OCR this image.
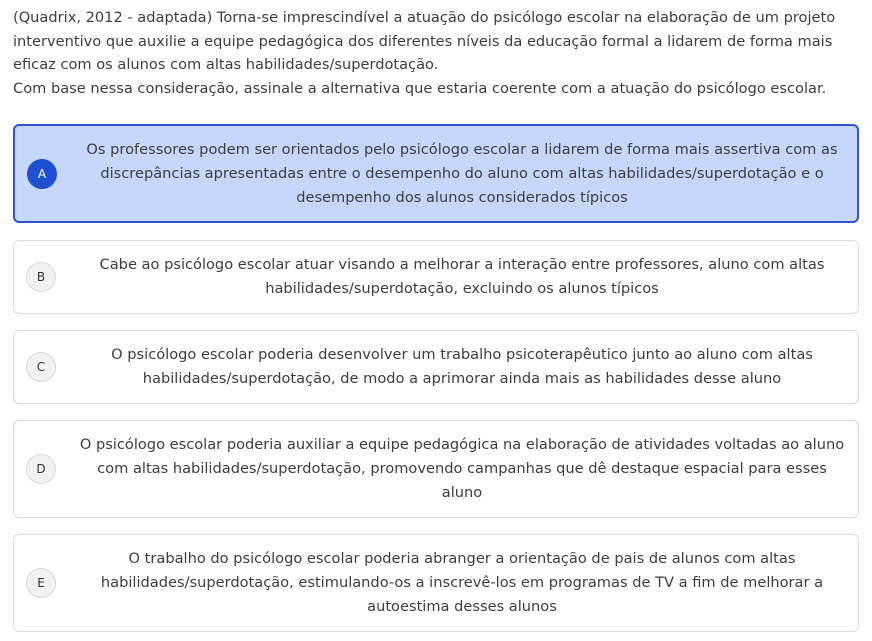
(Quadrix, 2012 - adaptada) Torna-se imprescindível a atuação do psicólogo escolar na elaboração de um projeto interventivo que auxilie a equipe pedagógica dos diferentes níveis da educação formal a lidarem de forma mais eficaz com os alunos com altas habilidades/superdotação.

Com base nessa consideração, assinale a alternativa que estaria coerente com a atuação do psicólogo escolar.

A
Os professores podem ser orientados pelo psicólogo escolar a lidarem de forma mais assertiva com as discrepâncias apresentadas entre o desempenho do aluno com altas habilidades/superdotação e o desempenho dos alunos considerados típicos
B
Cabe ao psicólogo escolar atuar visando a melhorar a interação entre professores, aluno com altas habilidades/superdotação, excluindo os alunos típicos
C
O psicólogo escolar poderia desenvolver um trabalho psicoterapêutico junto ao aluno com altas habilidades/superdotação, de modo a aprimorar ainda mais as habilidades desse aluno
D
O psicólogo escolar poderia auxiliar a equipe pedagógica na elaboração de atividades voltadas ao aluno com altas habilidades/superdotação, promovendo campanhas que dê destaque espacial para esses aluno
E
O trabalho do psicólogo escolar poderia abranger a orientação de pais de alunos com altas habilidades/superdotação, estimulando-os a inscrevê-los em programas de TV a fim de melhorar a autoestima desses alunos
